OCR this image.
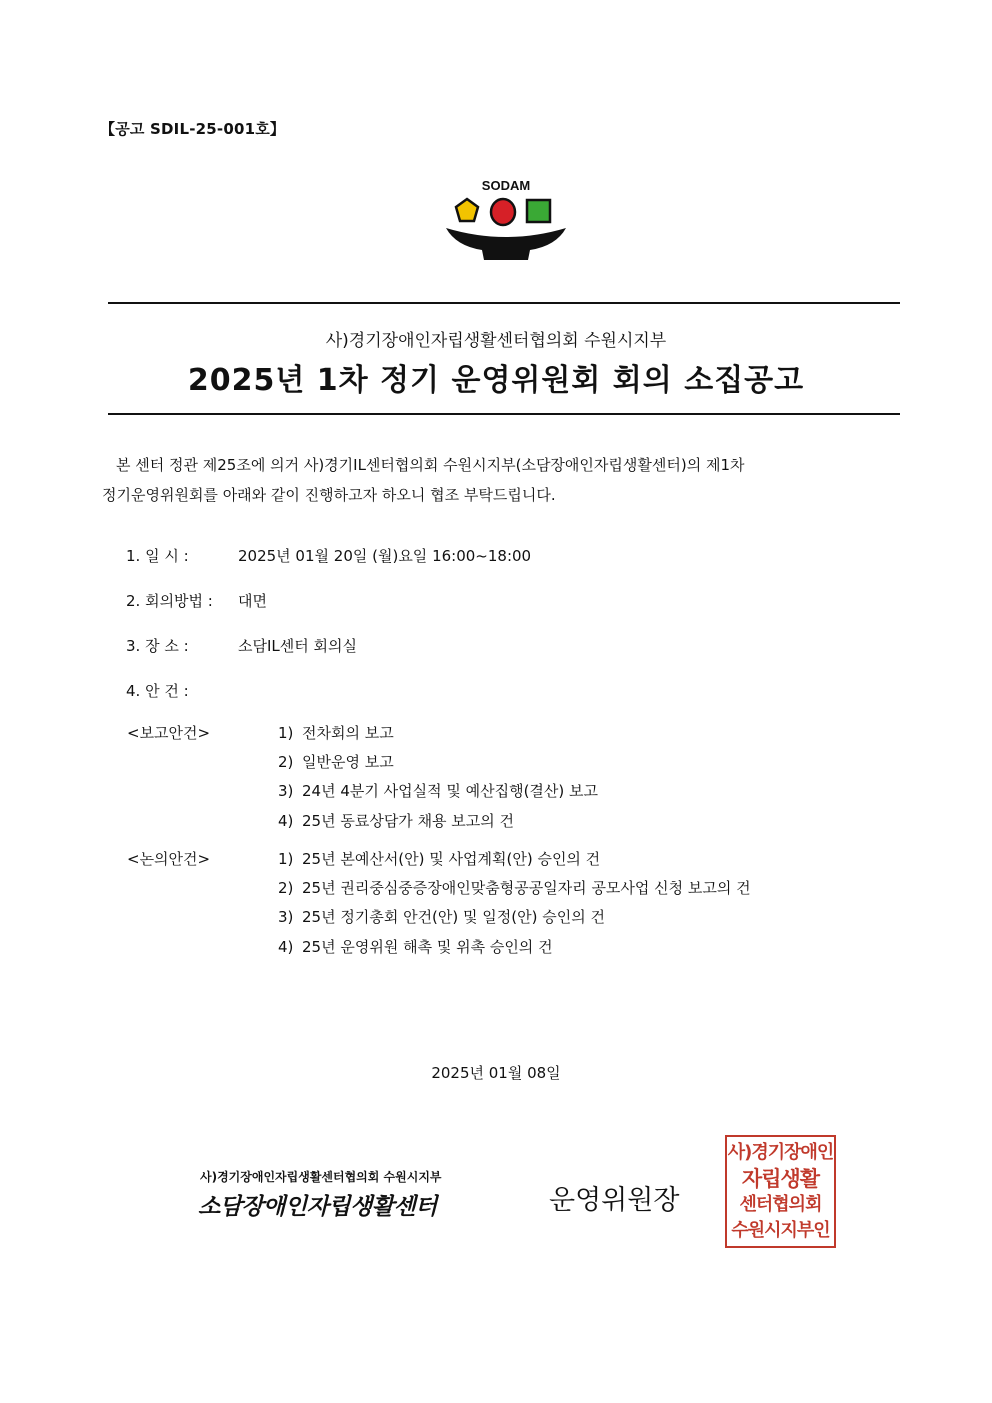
【공고 SDIL-25-001호】
SODAM
사)경기장애인자립생활센터협의회 수원시지부
2025년 1차 정기 운영위원회 회의 소집공고

본 센터 정관 제25조에 의거 사)경기IL센터협의회 수원시지부(소담장애인자립생활센터)의 제1차

정기운영위원회를 아래와 같이 진행하고자 하오니 협조 부탁드립니다.

1. 일 시 :	2025년 01월 20일 (월)요일 16:00~18:00
2. 회의방법 : 대면
3. 장 소 :	소담IL센터 회의실
4. 안 건 :
<보고안건>	1) 전차회의 보고
2) 일반운영 보고
3) 24년 4분기 사업실적 및 예산집행(결산) 보고
4) 25년 동료상담가 채용 보고의 건
<논의안건>	1) 25년 본예산서(안) 및 사업계획(안) 승인의 건
2) 25년 권리중심중증장애인맞춤형공공일자리 공모사업 신청 보고의 건
3) 25년 정기총회 안건(안) 및 일정(안) 승인의 건
4) 25년 운영위원 해촉 및 위촉 승인의 건
2025년 01월 08일
사)경기장애인자립생활센터협의회 수원시지부
소담장애인자립생활센터	운영위원장
사)경기장애인
자립생활
센터협의회
수원시지부인
